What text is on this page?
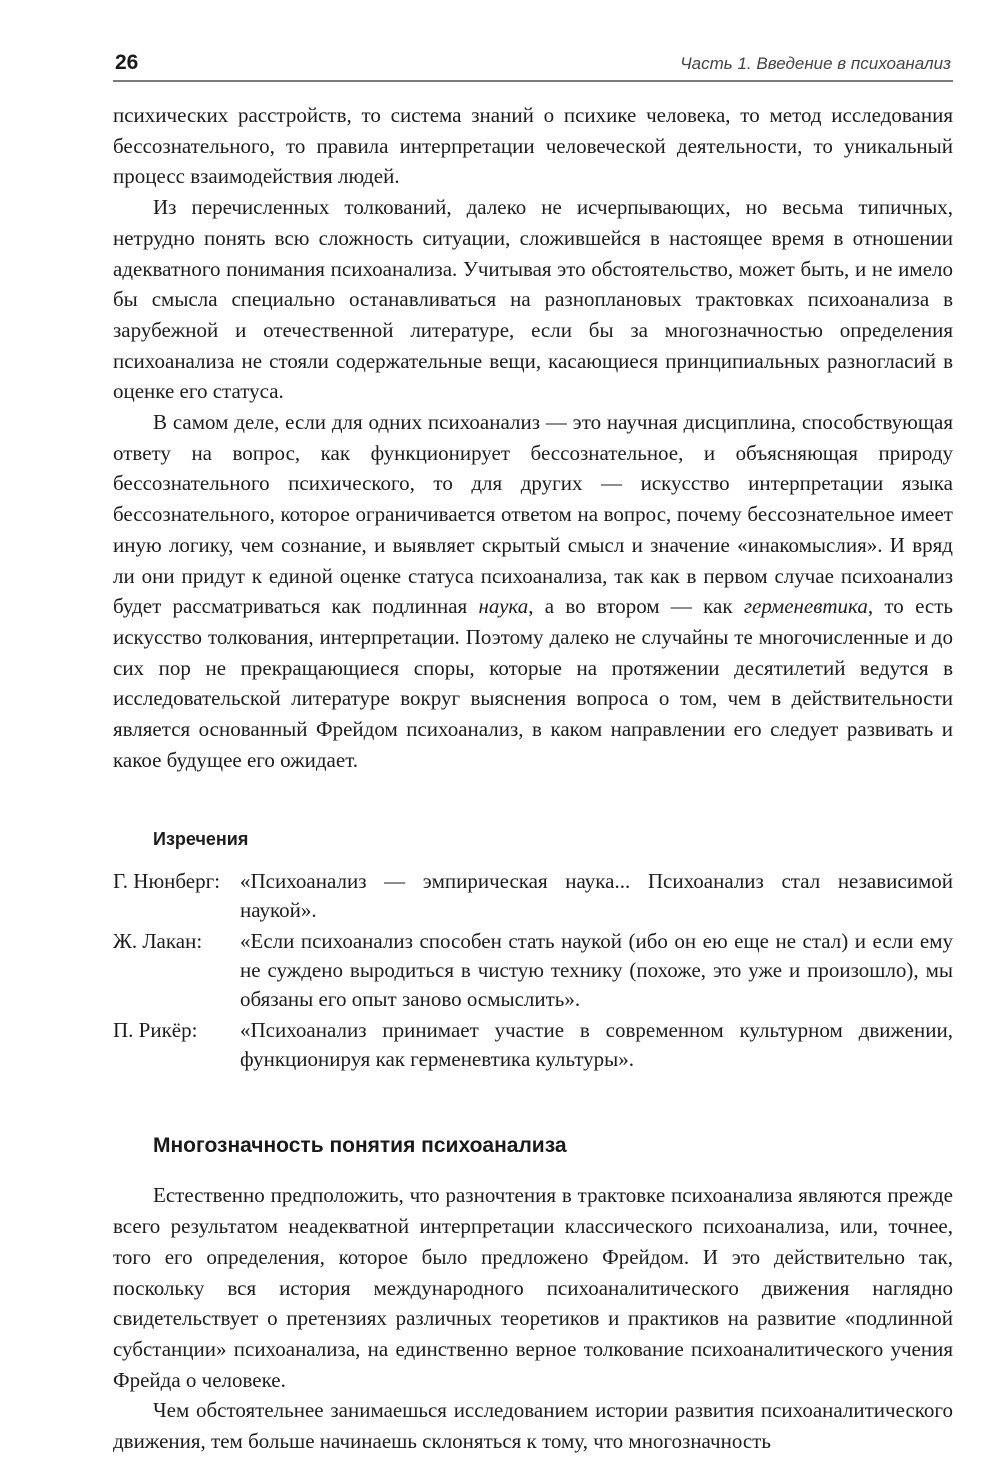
26	Часть 1. Введение в психоанализ

психических расстройств, то система знаний о психике человека, то метод исследования бессознательного, то правила интерпретации человеческой деятельности, то уникальный процесс взаимодействия людей.

Из перечисленных толкований, далеко не исчерпывающих, но весьма типичных, нетрудно понять всю сложность ситуации, сложившейся в настоящее время в отношении адекватного понимания психоанализа. Учитывая это обстоятельство, может быть, и не имело бы смысла специально останавливаться на разноплановых трактовках психоанализа в зарубежной и отечественной литературе, если бы за многозначностью определения психоанализа не стояли содержательные вещи, касающиеся принципиальных разногласий в оценке его статуса.

В самом деле, если для одних психоанализ — это научная дисциплина, способствующая ответу на вопрос, как функционирует бессознательное, и объясняющая природу бессознательного психического, то для других — искусство интерпретации языка бессознательного, которое ограничивается ответом на вопрос, почему бессознательное имеет иную логику, чем сознание, и выявляет скрытый смысл и значение «инакомыслия». И вряд ли они придут к единой оценке статуса психоанализа, так как в первом случае психоанализ будет рассматриваться как подлинная наука, а во втором — как герменевтика, то есть искусство толкования, интерпретации. Поэтому далеко не случайны те многочисленные и до сих пор не прекращающиеся споры, которые на протяжении десятилетий ведутся в исследовательской литературе вокруг выяснения вопроса о том, чем в действительности является основанный Фрейдом психоанализ, в каком направлении его следует развивать и какое будущее его ожидает.

Изречения
Г. Нюнберг: «Психоанализ — эмпирическая наука... Психоанализ стал независимой наукой».
Ж. Лакан:	«Если психоанализ способен стать наукой (ибо он ею еще не стал) и если ему не суждено выродиться в чистую технику (похоже, это уже и произошло), мы обязаны его опыт заново осмыслить».
П. Рикёр:	«Психоанализ принимает участие в современном культурном движении, функционируя как герменевтика культуры».
Многозначность понятия психоанализа

Естественно предположить, что разночтения в трактовке психоанализа являются прежде всего результатом неадекватной интерпретации классического психоанализа, или, точнее, того его определения, которое было предложено Фрейдом. И это действительно так, поскольку вся история международного психоаналитического движения наглядно свидетельствует о претензиях различных теоретиков и практиков на развитие «подлинной субстанции» психоанализа, на единственно верное толкование психоаналитического учения Фрейда о человеке.

Чем обстоятельнее занимаешься исследованием истории развития психоаналитического движения, тем больше начинаешь склоняться к тому, что многозначность
